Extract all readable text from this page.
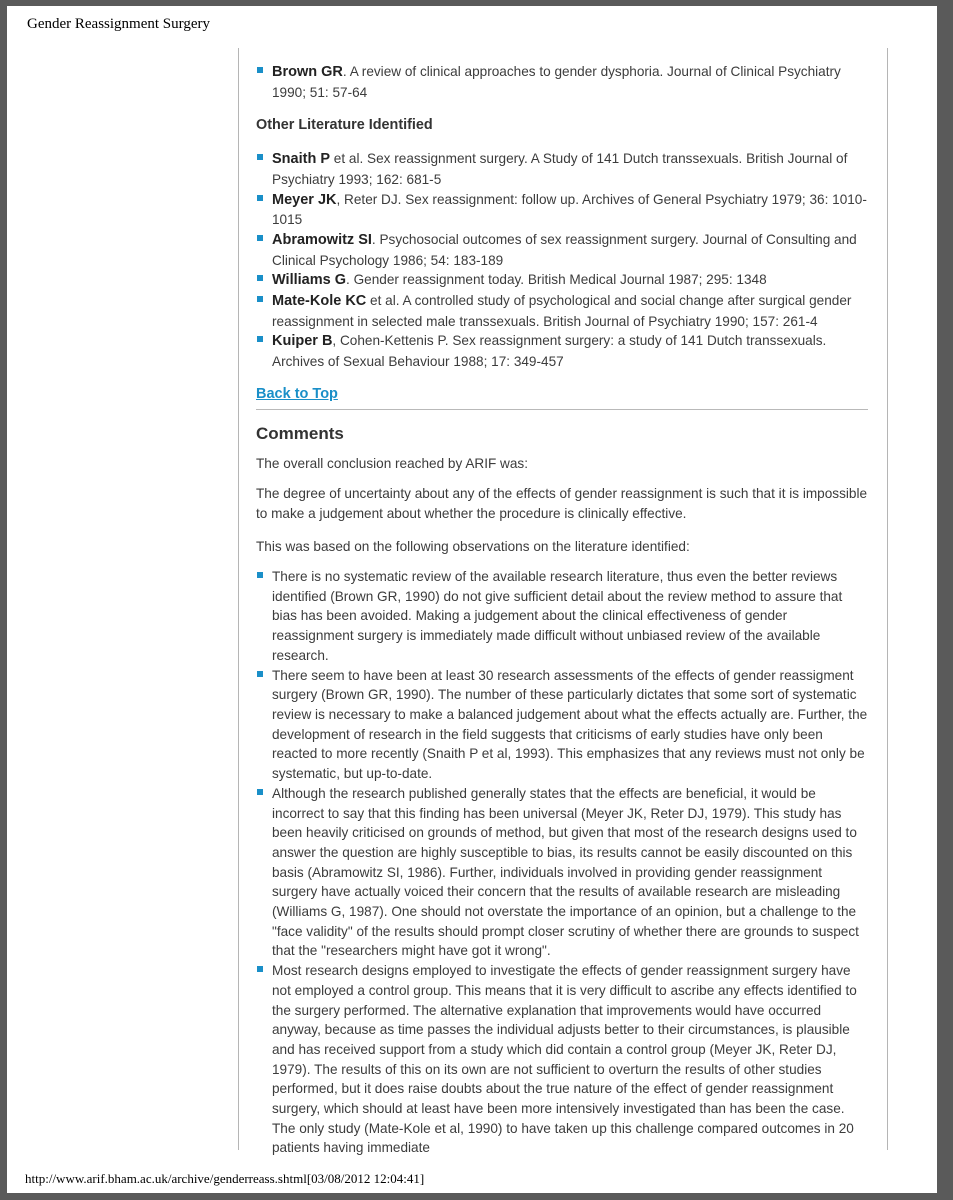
Gender Reassignment Surgery
Brown GR. A review of clinical approaches to gender dysphoria. Journal of Clinical Psychiatry 1990; 51: 57-64
Other Literature Identified
Snaith P et al. Sex reassignment surgery. A Study of 141 Dutch transsexuals. British Journal of Psychiatry 1993; 162: 681-5
Meyer JK, Reter DJ. Sex reassignment: follow up. Archives of General Psychiatry 1979; 36: 1010-1015
Abramowitz SI. Psychosocial outcomes of sex reassignment surgery. Journal of Consulting and Clinical Psychology 1986; 54: 183-189
Williams G. Gender reassignment today. British Medical Journal 1987; 295: 1348
Mate-Kole KC et al. A controlled study of psychological and social change after surgical gender reassignment in selected male transsexuals. British Journal of Psychiatry 1990; 157: 261-4
Kuiper B, Cohen-Kettenis P. Sex reassignment surgery: a study of 141 Dutch transsexuals. Archives of Sexual Behaviour 1988; 17: 349-457
Back to Top
Comments

The overall conclusion reached by ARIF was:

The degree of uncertainty about any of the effects of gender reassignment is such that it is impossible to make a judgement about whether the procedure is clinically effective.

This was based on the following observations on the literature identified:

There is no systematic review of the available research literature, thus even the better reviews identified (Brown GR, 1990) do not give sufficient detail about the review method to assure that bias has been avoided. Making a judgement about the clinical effectiveness of gender reassignment surgery is immediately made difficult without unbiased review of the available research.
There seem to have been at least 30 research assessments of the effects of gender reassigment surgery (Brown GR, 1990). The number of these particularly dictates that some sort of systematic review is necessary to make a balanced judgement about what the effects actually are. Further, the development of research in the field suggests that criticisms of early studies have only been reacted to more recently (Snaith P et al, 1993). This emphasizes that any reviews must not only be systematic, but up-to-date.
Although the research published generally states that the effects are beneficial, it would be incorrect to say that this finding has been universal (Meyer JK, Reter DJ, 1979). This study has been heavily criticised on grounds of method, but given that most of the research designs used to answer the question are highly susceptible to bias, its results cannot be easily discounted on this basis (Abramowitz SI, 1986). Further, individuals involved in providing gender reassignment surgery have actually voiced their concern that the results of available research are misleading (Williams G, 1987). One should not overstate the importance of an opinion, but a challenge to the "face validity" of the results should prompt closer scrutiny of whether there are grounds to suspect that the "researchers might have got it wrong".
Most research designs employed to investigate the effects of gender reassignment surgery have not employed a control group. This means that it is very difficult to ascribe any effects identified to the surgery performed. The alternative explanation that improvements would have occurred anyway, because as time passes the individual adjusts better to their circumstances, is plausible and has received support from a study which did contain a control group (Meyer JK, Reter DJ, 1979). The results of this on its own are not sufficient to overturn the results of other studies performed, but it does raise doubts about the true nature of the effect of gender reassignment surgery, which should at least have been more intensively investigated than has been the case. The only study (Mate-Kole et al, 1990) to have taken up this challenge compared outcomes in 20 patients having immediate
http://www.arif.bham.ac.uk/archive/genderreass.shtml[03/08/2012 12:04:41]
